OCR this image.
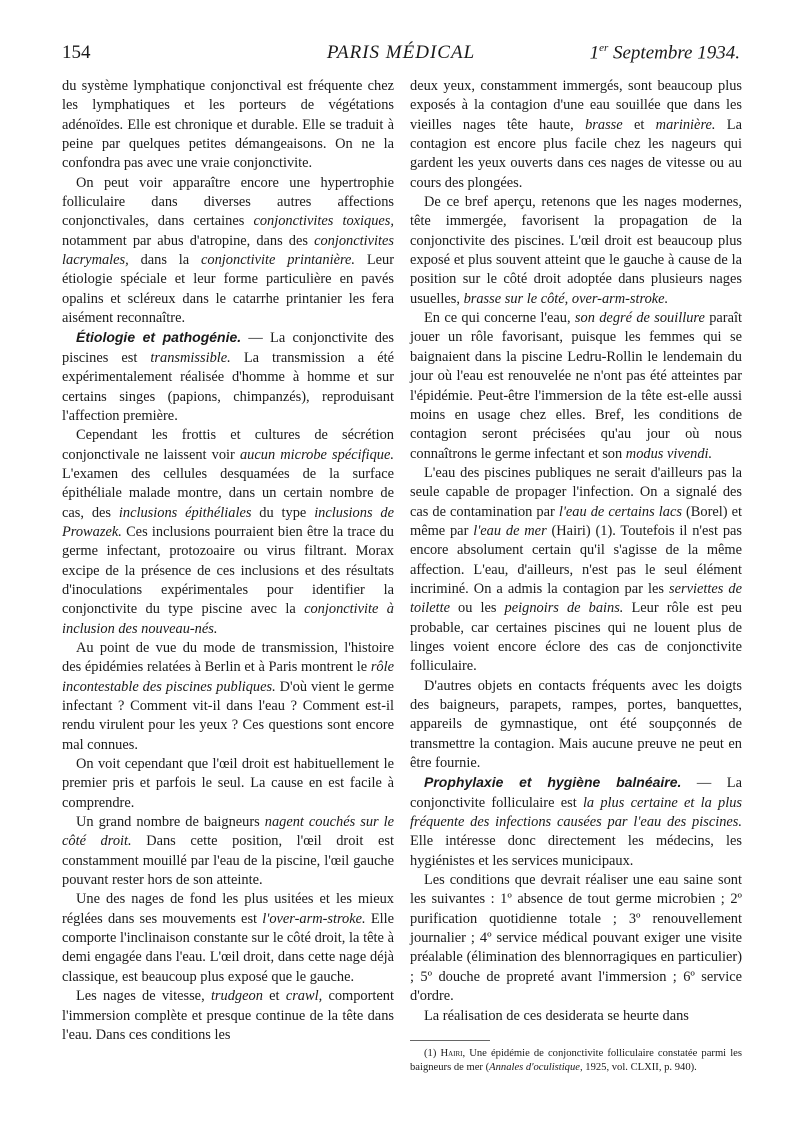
154	PARIS MÉDICAL	1er Septembre 1934.

du système lymphatique conjonctival est fréquente chez les lymphatiques et les porteurs de végétations adénoïdes. Elle est chronique et durable. Elle se traduit à peine par quelques petites démangeaisons. On ne la confondra pas avec une vraie conjonctivite.

On peut voir apparaître encore une hypertrophie folliculaire dans diverses autres affections conjonctivales, dans certaines conjonctivites toxiques, notamment par abus d'atropine, dans des conjonctivites lacrymales, dans la conjonctivite printanière. Leur étiologie spéciale et leur forme particulière en pavés opalins et scléreux dans le catarrhe printanier les fera aisément reconnaître.

Étiologie et pathogénie. — La conjonctivite des piscines est transmissible. La transmission a été expérimentalement réalisée d'homme à homme et sur certains singes (papions, chimpanzés), reproduisant l'affection première.

Cependant les frottis et cultures de sécrétion conjonctivale ne laissent voir aucun microbe spécifique. L'examen des cellules desquamées de la surface épithéliale malade montre, dans un certain nombre de cas, des inclusions épithéliales du type inclusions de Prowazek. Ces inclusions pourraient bien être la trace du germe infectant, protozoaire ou virus filtrant. Morax excipe de la présence de ces inclusions et des résultats d'inoculations expérimentales pour identifier la conjonctivite du type piscine avec la conjonctivite à inclusion des nouveau-nés.

Au point de vue du mode de transmission, l'histoire des épidémies relatées à Berlin et à Paris montrent le rôle incontestable des piscines publiques. D'où vient le germe infectant ? Comment vit-il dans l'eau ? Comment est-il rendu virulent pour les yeux ? Ces questions sont encore mal connues.

On voit cependant que l'œil droit est habituellement le premier pris et parfois le seul. La cause en est facile à comprendre.

Un grand nombre de baigneurs nagent couchés sur le côté droit. Dans cette position, l'œil droit est constamment mouillé par l'eau de la piscine, l'œil gauche pouvant rester hors de son atteinte.

Une des nages de fond les plus usitées et les mieux réglées dans ses mouvements est l'over-arm-stroke. Elle comporte l'inclinaison constante sur le côté droit, la tête à demi engagée dans l'eau. L'œil droit, dans cette nage déjà classique, est beaucoup plus exposé que le gauche.

Les nages de vitesse, trudgeon et crawl, comportent l'immersion complète et presque continue de la tête dans l'eau. Dans ces conditions les

deux yeux, constamment immergés, sont beaucoup plus exposés à la contagion d'une eau souillée que dans les vieilles nages tête haute, brasse et marinière. La contagion est encore plus facile chez les nageurs qui gardent les yeux ouverts dans ces nages de vitesse ou au cours des plongées.

De ce bref aperçu, retenons que les nages modernes, tête immergée, favorisent la propagation de la conjonctivite des piscines. L'œil droit est beaucoup plus exposé et plus souvent atteint que le gauche à cause de la position sur le côté droit adoptée dans plusieurs nages usuelles, brasse sur le côté, over-arm-stroke.

En ce qui concerne l'eau, son degré de souillure paraît jouer un rôle favorisant, puisque les femmes qui se baignaient dans la piscine Ledru-Rollin le lendemain du jour où l'eau est renouvelée ne n'ont pas été atteintes par l'épidémie. Peut-être l'immersion de la tête est-elle aussi moins en usage chez elles. Bref, les conditions de contagion seront précisées qu'au jour où nous connaîtrons le germe infectant et son modus vivendi.

L'eau des piscines publiques ne serait d'ailleurs pas la seule capable de propager l'infection. On a signalé des cas de contamination par l'eau de certains lacs (Borel) et même par l'eau de mer (Hairi) (1). Toutefois il n'est pas encore absolument certain qu'il s'agisse de la même affection. L'eau, d'ailleurs, n'est pas le seul élément incriminé. On a admis la contagion par les serviettes de toilette ou les peignoirs de bains. Leur rôle est peu probable, car certaines piscines qui ne louent plus de linges voient encore éclore des cas de conjonctivite folliculaire.

D'autres objets en contacts fréquents avec les doigts des baigneurs, parapets, rampes, portes, banquettes, appareils de gymnastique, ont été soupçonnés de transmettre la contagion. Mais aucune preuve ne peut en être fournie.

Prophylaxie et hygiène balnéaire. — La conjonctivite folliculaire est la plus certaine et la plus fréquente des infections causées par l'eau des piscines. Elle intéresse donc directement les médecins, les hygiénistes et les services municipaux.

Les conditions que devrait réaliser une eau saine sont les suivantes : 1º absence de tout germe microbien ; 2º purification quotidienne totale ; 3º renouvellement journalier ; 4º service médical pouvant exiger une visite préalable (élimination des blennorragiques en particulier) ; 5º douche de propreté avant l'immersion ; 6º service d'ordre.

La réalisation de ces desiderata se heurte dans

(1) Hairi, Une épidémie de conjonctivite folliculaire constatée parmi les baigneurs de mer (Annales d'oculistique, 1925, vol. CLXII, p. 940).
